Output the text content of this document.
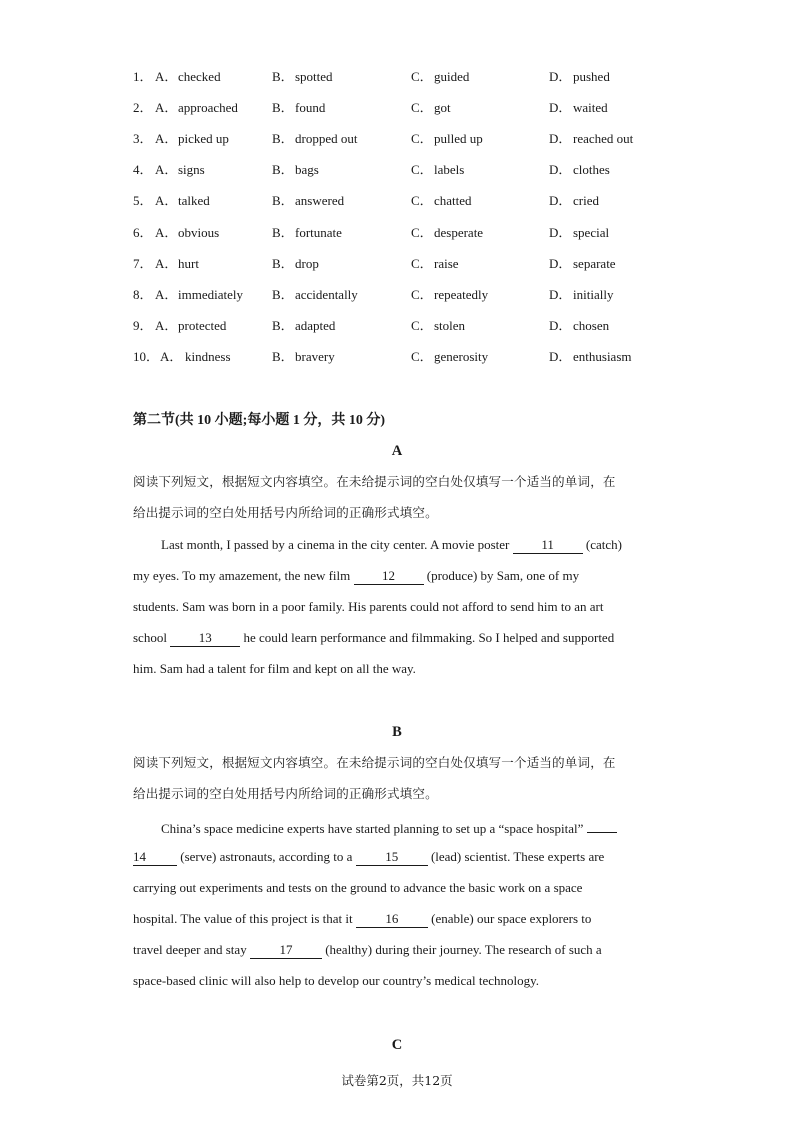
1． A． checked	B． spotted	C． guided	D． pushed
2． A． approached	B． found	C． got	D． waited
3． A． picked up	B． dropped out	C． pulled up	D． reached out
4． A． signs	B． bags	C． labels	D． clothes
5． A． talked	B． answered	C． chatted	D． cried
6． A． obvious	B． fortunate	C． desperate	D． special
7． A． hurt	B． drop	C． raise	D． separate
8． A． immediately B． accidentally	C． repeatedly	D． initially
9． A． protected	B． adapted	C． stolen	D． chosen
10． A． kindness	B． bravery	C． generosity	D． enthusiasm
第二节(共 10 小题;每小题 1 分，共 10 分)
A
阅读下列短文，根据短文内容填空。在未给提示词的空白处仅填写一个适当的单词，在
给出提示词的空白处用括号内所给词的正确形式填空。
Last month, I passed by a cinema in the city center. A movie poster 11 (catch)
my eyes. To my amazement, the new film 12 (produce) by Sam, one of my
students. Sam was born in a poor family. His parents could not afford to send him to an art
school 13 he could learn performance and filmmaking. So I helped and supported
him. Sam had a talent for film and kept on all the way.
B
阅读下列短文，根据短文内容填空。在未给提示词的空白处仅填写一个适当的单词，在
给出提示词的空白处用括号内所给词的正确形式填空。
China’s space medicine experts have started planning to set up a “space hospital”
14	(serve) astronauts, according to a	15	(lead) scientist. These experts are
carrying out experiments and tests on the ground to advance the basic work on a space
hospital. The value of this project is that it	16	(enable) our space explorers to
travel deeper and stay	17	(healthy) during their journey. The research of such a
space-based clinic will also help to develop our country’s medical technology.
C
试卷第2页，共12页
